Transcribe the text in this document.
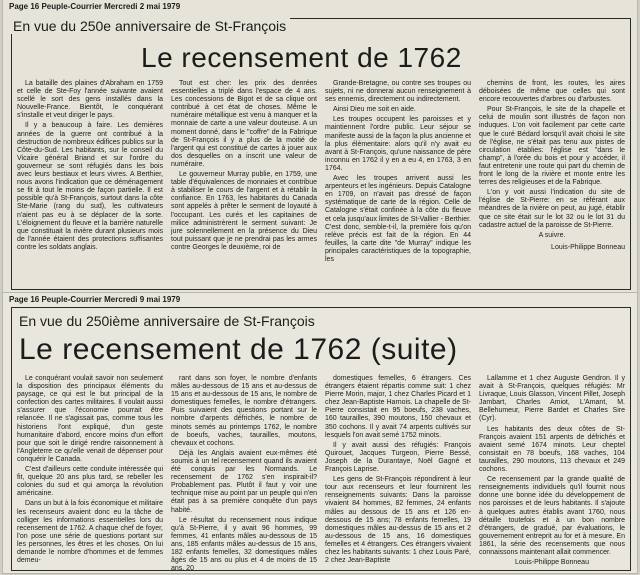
Page 16 Peuple-Courrier Mercredi 2 mai 1979
En vue du 250e anniversaire de St-François
Le recensement de 1762

La bataille des plaines d'Abraham en 1759 et celle de Ste-Foy l'année suivante avaient scellé le sort des gens installés dans la Nouvelle-France. Bientôt, le conquérant s'installe et veut diriger le pays.

Il y a beaucoup à faire. Les dernières années de la guerre ont contribué à la destruction de nombreux édifices publics sur la Côte-du-Sud. Les habitants, sur le conseil du Vicaire général Briand et sur l'ordre du gouverneur se sont réfugiés dans les bois avec leurs bestiaux et leurs vivres. A Berthier, nous avons l'indication que ce déménagement se fit à tout le moins de façon partielle. Il est possible qu'à St-François, surtout dans la côte Ste-Marie (rang du sud), les cultivateurs n'aient pas eu à se déplacer de la sorte. L'éloignement du fleuve et la barrière naturelle que constituait la rivière durant plusieurs mois de l'année étaient des protections suffisantes contre les soldats anglais.

Tout est cher: les prix des denrées essentielles a triplé dans l'espace de 4 ans. Les concessions de Bigot et de sa clique ont contribué à cet état de choses. Même le numéraire métallique est venu à manquer et la monnaie de carte a une valeur douteuse. A un moment donné, dans le "coffre" de la Fabrique de St-François il y a plus de la moitié de l'argent qui est constitué de cartes à jouer aux dos desquelles on a inscrit une valeur de numéraire.

Le gouverneur Murray publie, en 1759, une table d'équivalences de monnaies et contribue à stabiliser le cours de l'argent et à rétablir la confiance. En 1763, les habitants du Canada sont appelés à prêter le serment de loyauté à l'occupant. Les curés et les capitaines de milice administrèrent le serment suivant: Je jure solennellement en la présence du Dieu tout puissant que je ne prendrai pas les armes contre Georges le deuxième, roi de

Grande-Bretagne, ou contre ses troupes ou sujets, ni ne donnerai aucun renseignement à ses ennemis, directement ou indirectement.

Ainsi Dieu me soit en aide.

Les troupes occupent les paroisses et y maintiennent l'ordre public. Leur séjour se manifeste aussi de la façon la plus ancienne et la plus élémentaire: alors qu'il n'y avait eu avant à St-François, qu'une naissance de père inconnu en 1762 il y en a eu 4, en 1763, 3 en 1764.

Avec les troupes arrivent aussi les arpenteurs et les ingénieurs. Depuis Catalogne en 1709, on n'avait pas dressé de façon systématique de carte de la région. Celle de Catalogne s'était confinée à la côte du fleuve et cela jusqu'aux limites de St-Vallier - Berthier. C'est donc, semble-t-il, la première fois qu'on relève précis est fait de la région. En 44 feuilles, la carte dite "de Murray" indique les principales caractéristiques de la topographie, les

chemins de front, les routes, les aires déboisées de même que celles qui sont encore recouvertes d'arbres ou d'arbustes.

Pour St-François, le site de la chapelle et celui de moulin sont illustrés de façon non induques. L'on voit facilement par cette carte que le curé Bédard lorsqu'il avait choisi le site de l'église, ne s'était pas tenu aux pistes de circulation établies: l'église est "dans le champ", à l'orée du bois et pour y accéder, il faut entretenir une route qui part du chemin de front le long de la rivière et monte entre les terres des religieuses et de la Fabrique.

L'on y voit aussi l'indication du site de l'église de St-Pierre: en se référant aux méandres de la rivière on peut, au jugé, établir que ce site était sur le lot 32 ou le lot 31 du cadastre actuel de la paroisse de St-Pierre.

A suivre.

Louis-Philippe Bonneau

Page 16 Peuple-Courrier Mercredi 9 mai 1979
En vue du 250ième anniversaire de St-François
Le recensement de 1762 (suite)

Le conquérant voulait savoir non seulement la disposition des principaux éléments du paysage, ce qui est le but principal de la confection des cartes militaires. Il voulait aussi s'assurer que l'économie pourrait être relancée. Il ne s'agissait pas, comme tous les historiens l'ont expliqué, d'un geste humanitaire d'abord, encore moins d'un effort pour que soit le dirigé rendre raisonnement à l'Angleterre ce qu'elle venait de dépenser pour conquérir le Canada.

C'est d'ailleurs cette conduite intéressée qui fit, quelque 20 ans plus tard, se rebeller les colonies du sud et qui amorça la révolution américaine.

Dans un but à la fois économique et militaire les recenseurs avaient donc eu la tâche de colliger les informations essentielles lors du recensement de 1762. A chaque chef de foyer, l'on pose une série de questions portant sur les personnes, les êtres et les choses. On lui demande le nombre d'hommes et de femmes demeu-

rant dans son foyer, le nombre d'enfants mâles au-dessous de 15 ans et au-dessus de 15 ans et au-dessous de 15 ans, le nombre de domestiques femelles, le nombre d'étrangers. Puis suivaient des questions portant sur le nombre d'arpents défrichés, le nombre de minots semés au printemps 1762, le nombre de boeufs, vaches, taurailles, moutons, chevaux et cochons.

Déjà les Anglais avaient eux-mêmes été soumis à un tel recensement quand ils avaient été conquis par les Normands. Le recensement de 1762 s'en inspirait-il? Probablement pas. Plutôt il faut y voir une technique mise au point par un peuple qui n'en était pas à sa première conquête d'un pays habité.

Le résultat du recensement nous indique qu'à St-Pierre, il y avait 96 hommes, 99 femmes, 41 enfants mâles au-dessous de 15 ans, 185 enfants mâles au-dessus de 15 ans, 182 enfants femelles, 32 domestiques mâles âgés de 15 ans ou plus et 4 de moins de 15 ans, 20

domestiques femelles, 6 étrangers. Ces étrangers étaient répartis comme suit: 1 chez Pierre Morin, major, 1 chez Charles Picard et 1 chez Jean-Baptiste Harnois. La chapelle de St-Pierre consistait en 95 boeufs, 238 vaches, 160 taurailles, 390 moutons, 150 chevaux et 350 cochons. Il y avait 74 arpents cultivés sur lesquels l'on avait semé 1752 minots.

Il y avait aussi des réfugiés: François Quirouet, Jacques Turgeon, Pierre Bessé, Joseph de la Durantaye, Noël Gagné et François Laprise.

Les gens de St-François répondirent à leur tour aux recenseurs et leur fournirent les renseignements suivants: Dans la paroisse vivaient 84 hommes, 82 femmes, 24 enfants mâles au dessous de 15 ans et 126 en-dessous de 15 ans; 78 enfants femelles, 19 domestiques mâles au-dessus de 15 ans et 2 au-dessous de 15 ans, 16 domestiques femelles et 4 étrangers. Ces étrangers vivaient chez les habitants suivants: 1 chez Louis Paré, 2 chez Jean-Baptiste

Lallamme et 1 chez Auguste Gendron. Il y avait à St-François, quelques réfugiés: Mr Livraque, Louis Glasson, Vincent Pillet, Joseph Jambart, Charles Amiot, L'Amant, M. Bellehumeur, Pierre Bardet et Charles Sire (Cyr).

Les habitants des deux côtes de St-François avaient 151 arpents de défrichés et avaient semé 1674 minots. Leur cheptel consistait en 78 boeufs, 168 vaches, 104 taurailles, 290 moutons, 113 chevaux et 249 cochons.

Ce recensement par la grande qualité de renseignements individuels qu'il fournit nous donne une bonne idée du développement de nos paroisses et de leurs habitants. Il s'ajoute à quelques autres établis avant 1760, nous détaille toutefois et à un bon nombre d'étrangers, de gradué, par évaluations, le gouvernement entreprit au for et à mesure. En 1861, la série des recensements que nous connaissons maintenant allait commencer.

Louis-Philippe Bonneau
